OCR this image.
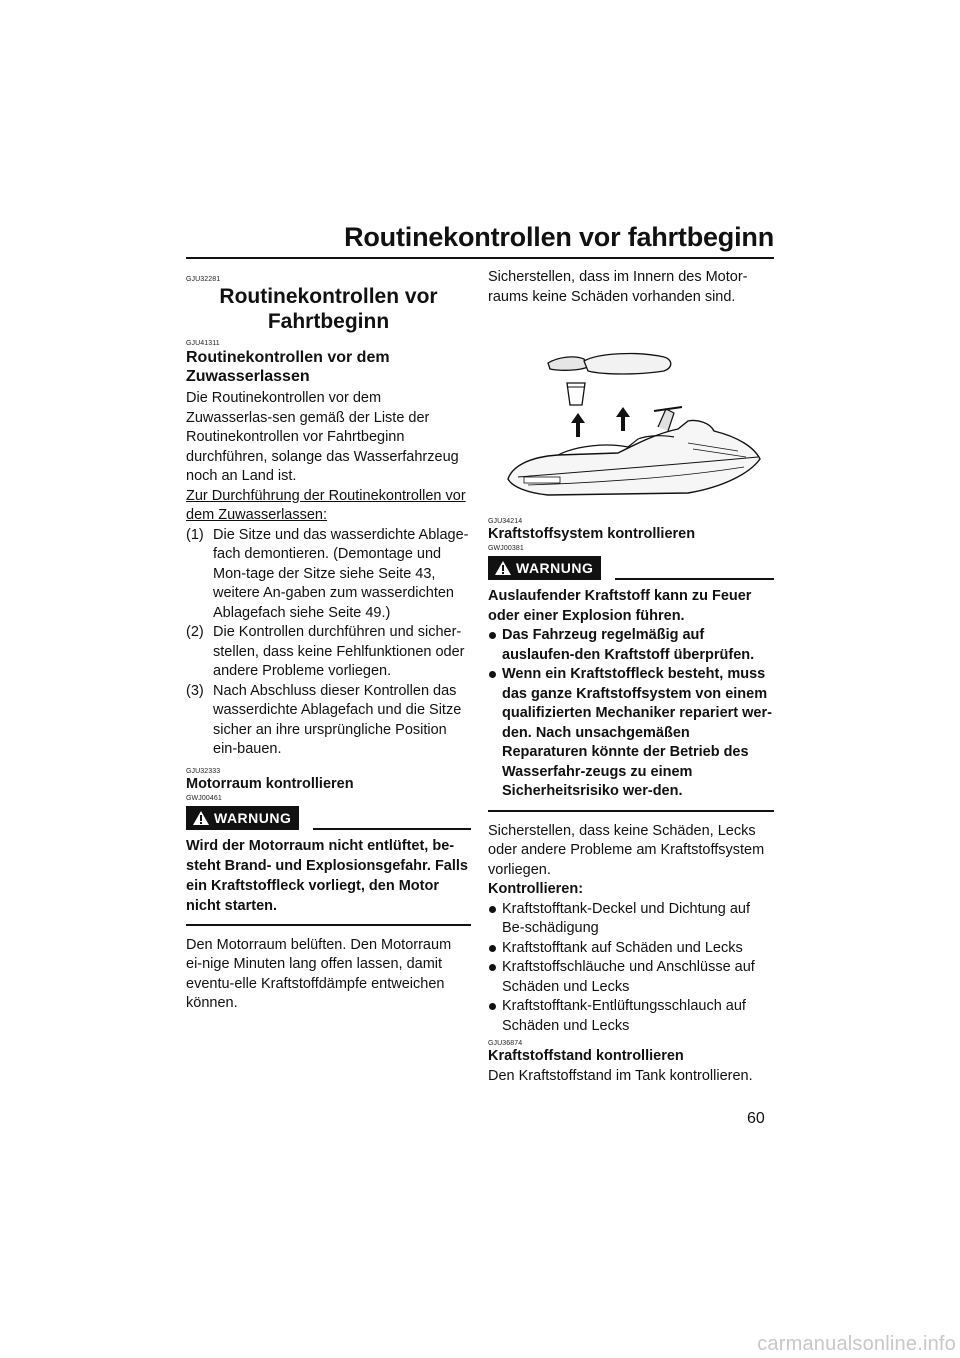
Routinekontrollen vor fahrtbeginn
GJU32281
Routinekontrollen vor
Fahrtbeginn
GJU41311
Routinekontrollen vor dem Zuwasserlassen

Die Routinekontrollen vor dem Zuwasserlas-sen gemäß der Liste der Routinekontrollen vor Fahrtbeginn durchführen, solange das Wasserfahrzeug noch an Land ist.

Zur Durchführung der Routinekontrollen vor dem Zuwasserlassen:

(1) Die Sitze und das wasserdichte Ablage-fach demontieren. (Demontage und Mon-tage der Sitze siehe Seite 43, weitere An-gaben zum wasserdichten Ablagefach siehe Seite 49.)
(2) Die Kontrollen durchführen und sicher-stellen, dass keine Fehlfunktionen oder andere Probleme vorliegen.
(3) Nach Abschluss dieser Kontrollen das wasserdichte Ablagefach und die Sitze sicher an ihre ursprüngliche Position ein-bauen.
GJU32333
Motorraum kontrollieren
GWJ00461
WARNUNG
Wird der Motorraum nicht entlüftet, be-steht Brand- und Explosionsgefahr. Falls ein Kraftstoffleck vorliegt, den Motor nicht starten.

Den Motorraum belüften. Den Motorraum ei-nige Minuten lang offen lassen, damit eventu-elle Kraftstoffdämpfe entweichen können.

Sicherstellen, dass im Innern des Motor-raums keine Schäden vorhanden sind.

GJU34214
Kraftstoffsystem kontrollieren
GWJ00381
WARNUNG
Auslaufender Kraftstoff kann zu Feuer oder einer Explosion führen.
Das Fahrzeug regelmäßig auf auslaufen-den Kraftstoff überprüfen.
Wenn ein Kraftstoffleck besteht, muss das ganze Kraftstoffsystem von einem qualifizierten Mechaniker repariert wer-den. Nach unsachgemäßen Reparaturen könnte der Betrieb des Wasserfahr-zeugs zu einem Sicherheitsrisiko wer-den.

Sicherstellen, dass keine Schäden, Lecks oder andere Probleme am Kraftstoffsystem vorliegen.

Kontrollieren:

Kraftstofftank-Deckel und Dichtung auf Be-schädigung
Kraftstofftank auf Schäden und Lecks
Kraftstoffschläuche und Anschlüsse auf Schäden und Lecks
Kraftstofftank-Entlüftungsschlauch auf Schäden und Lecks
GJU36874
Kraftstoffstand kontrollieren

Den Kraftstoffstand im Tank kontrollieren.

60
carmanualsonline.info
